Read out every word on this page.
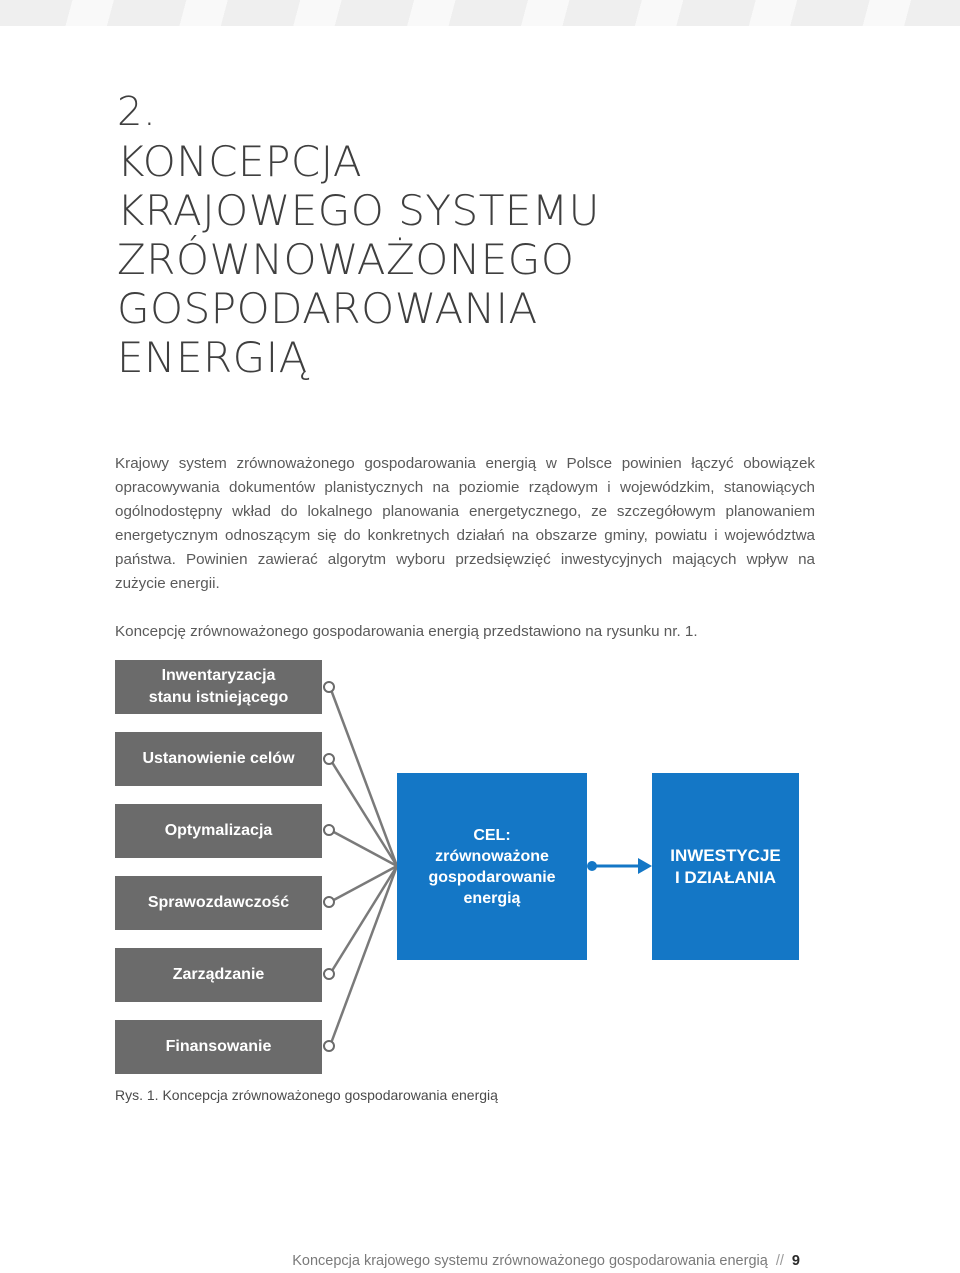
2.
KONCEPCJA
KRAJOWEGO SYSTEMU
ZRÓWNOWAŻONEGO
GOSPODAROWANIA
ENERGIĄ

Krajowy system zrównoważonego gospodarowania energią w Polsce powinien łączyć obowiązek opracowywania dokumentów planistycznych na poziomie rządowym i wojewódzkim, stanowiących ogólnodostępny wkład do lokalnego planowania energetycznego, ze szczegółowym planowaniem energetycznym odnoszącym się do konkretnych działań na obszarze gminy, powiatu i województwa państwa. Powinien zawierać algorytm wyboru przedsięwzięć inwestycyjnych mających wpływ na zużycie energii.

Koncepcję zrównoważonego gospodarowania energią przedstawiono na rysunku nr. 1.

Inwentaryzacja
stanu istniejącego
Ustanowienie celów
Optymalizacja
Sprawozdawczość
Zarządzanie
Finansowanie
CEL:
zrównoważone
gospodarowanie
energią
INWESTYCJE
I DZIAŁANIA
Rys. 1. Koncepcja zrównoważonego gospodarowania energią
Koncepcja krajowego systemu zrównoważonego gospodarowania energią // 9
